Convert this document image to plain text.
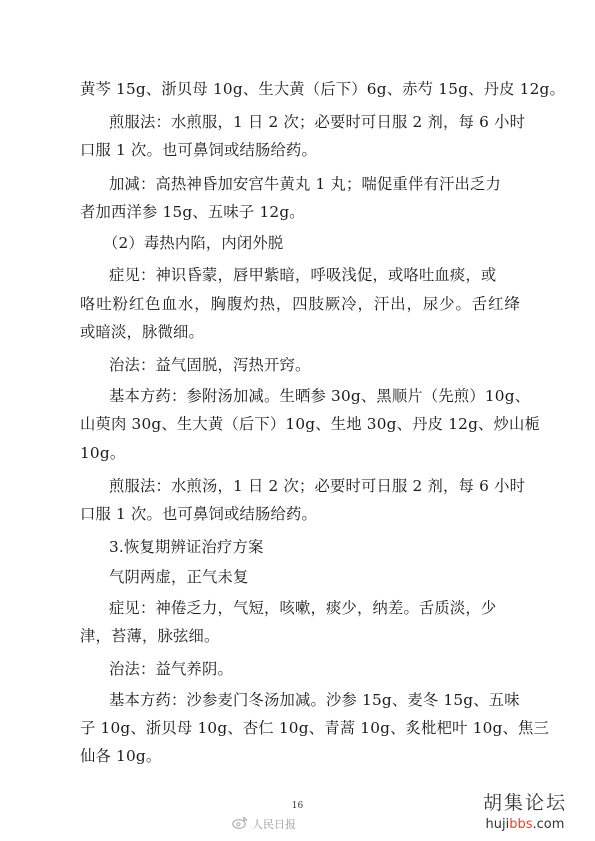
黄芩 15g、浙贝母 10g、生大黄（后下）6g、赤芍 15g、丹皮 12g。
煎服法：水煎服，1 日 2 次；必要时可日服 2 剂，每 6 小时
口服 1 次。也可鼻饲或结肠给药。
加减：高热神昏加安宫牛黄丸 1 丸；喘促重伴有汗出乏力
者加西洋参 15g、五味子 12g。
（2）毒热内陷，内闭外脱
症见：神识昏蒙，唇甲紫暗，呼吸浅促，或咯吐血痰，或
咯吐粉红色血水，胸腹灼热，四肢厥冷，汗出，尿少。舌红绛
或暗淡，脉微细。
治法：益气固脱，泻热开窍。
基本方药：参附汤加减。生晒参 30g、黑顺片（先煎）10g、
山萸肉 30g、生大黄（后下）10g、生地 30g、丹皮 12g、炒山栀
10g。
煎服法：水煎汤，1 日 2 次；必要时可日服 2 剂，每 6 小时
口服 1 次。也可鼻饲或结肠给药。
3.恢复期辨证治疗方案
气阴两虚，正气未复
症见：神倦乏力，气短，咳嗽，痰少，纳差。舌质淡，少
津，苔薄，脉弦细。
治法：益气养阴。
基本方药：沙参麦门冬汤加减。沙参 15g、麦冬 15g、五味
子 10g、浙贝母 10g、杏仁 10g、青蒿 10g、炙枇杷叶 10g、焦三
仙各 10g。
16
人民日报
胡集论坛
hujibbs.com
